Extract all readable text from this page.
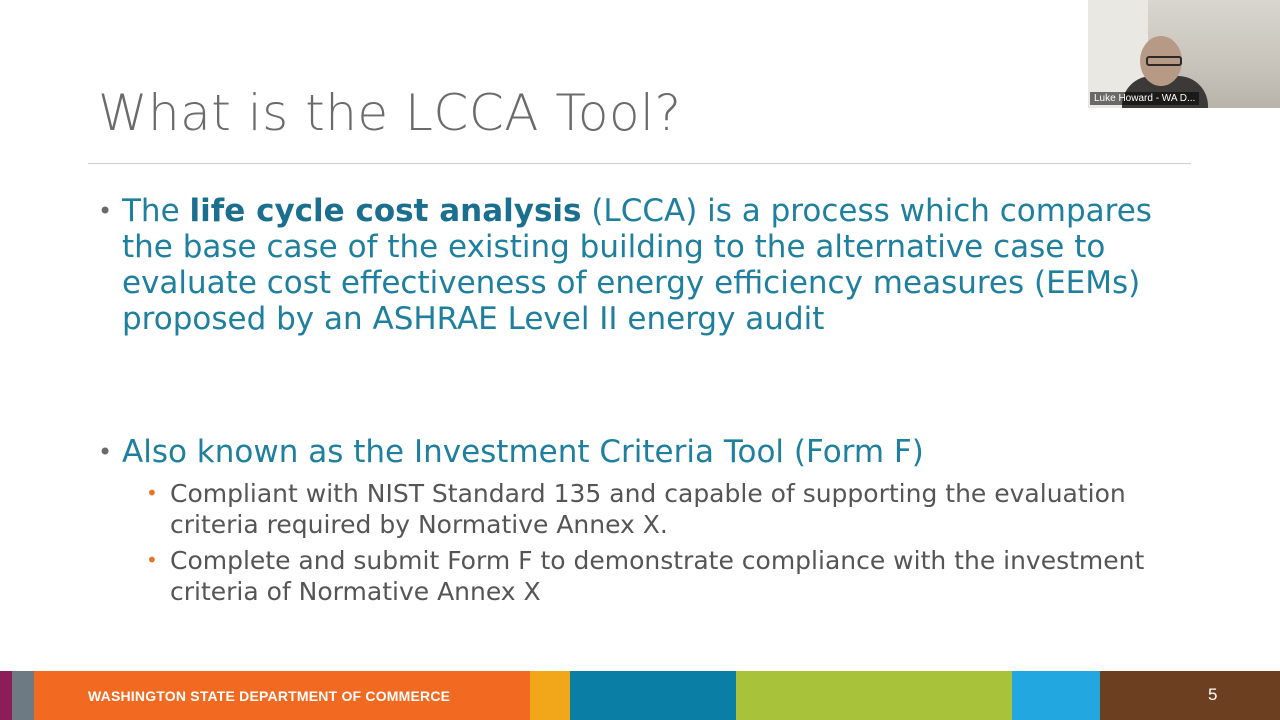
What is the LCCA Tool?
• The life cycle cost analysis (LCCA) is a process which compares the base case of the existing building to the alternative case to evaluate cost effectiveness of energy efficiency measures (EEMs) proposed by an ASHRAE Level II energy audit
• Also known as the Investment Criteria Tool (Form F)
• Compliant with NIST Standard 135 and capable of supporting the evaluation criteria required by Normative Annex X.
• Complete and submit Form F to demonstrate compliance with the investment criteria of Normative Annex X
WASHINGTON STATE DEPARTMENT OF COMMERCE	5
Luke Howard - WA D...
